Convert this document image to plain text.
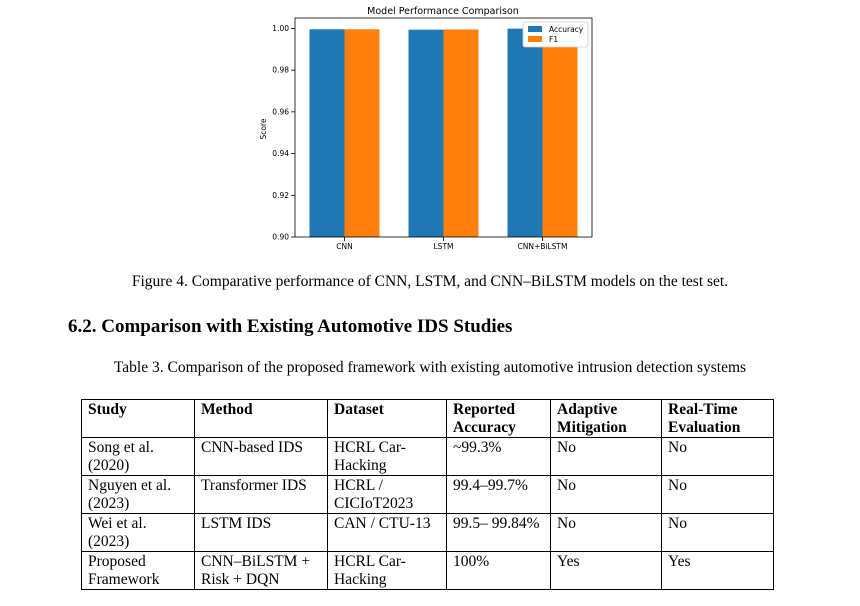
Model Performance Comparison
0.90
0.92
0.94
0.96
0.98
1.00
CNN	LSTM	CNN+BiLSTM
Score
Accuracy
F1
Figure 4. Comparative performance of CNN, LSTM, and CNN–BiLSTM models on the test set.
6.2. Comparison with Existing Automotive IDS Studies
Table 3. Comparison of the proposed framework with existing automotive intrusion detection systems
Study	Method	Dataset	Reported Accuracy	Adaptive Mitigation	Real-Time Evaluation
Song et al. (2020)	CNN-based IDS	HCRL Car-Hacking	~99.3%	No	No
Nguyen et al. (2023)	Transformer IDS	HCRL / CICIoT2023	99.4–99.7%	No	No
Wei et al. (2023)	LSTM IDS	CAN / CTU-13	99.5– 99.84%	No	No
Proposed Framework	CNN–BiLSTM + Risk + DQN	HCRL Car-Hacking	100%	Yes	Yes
